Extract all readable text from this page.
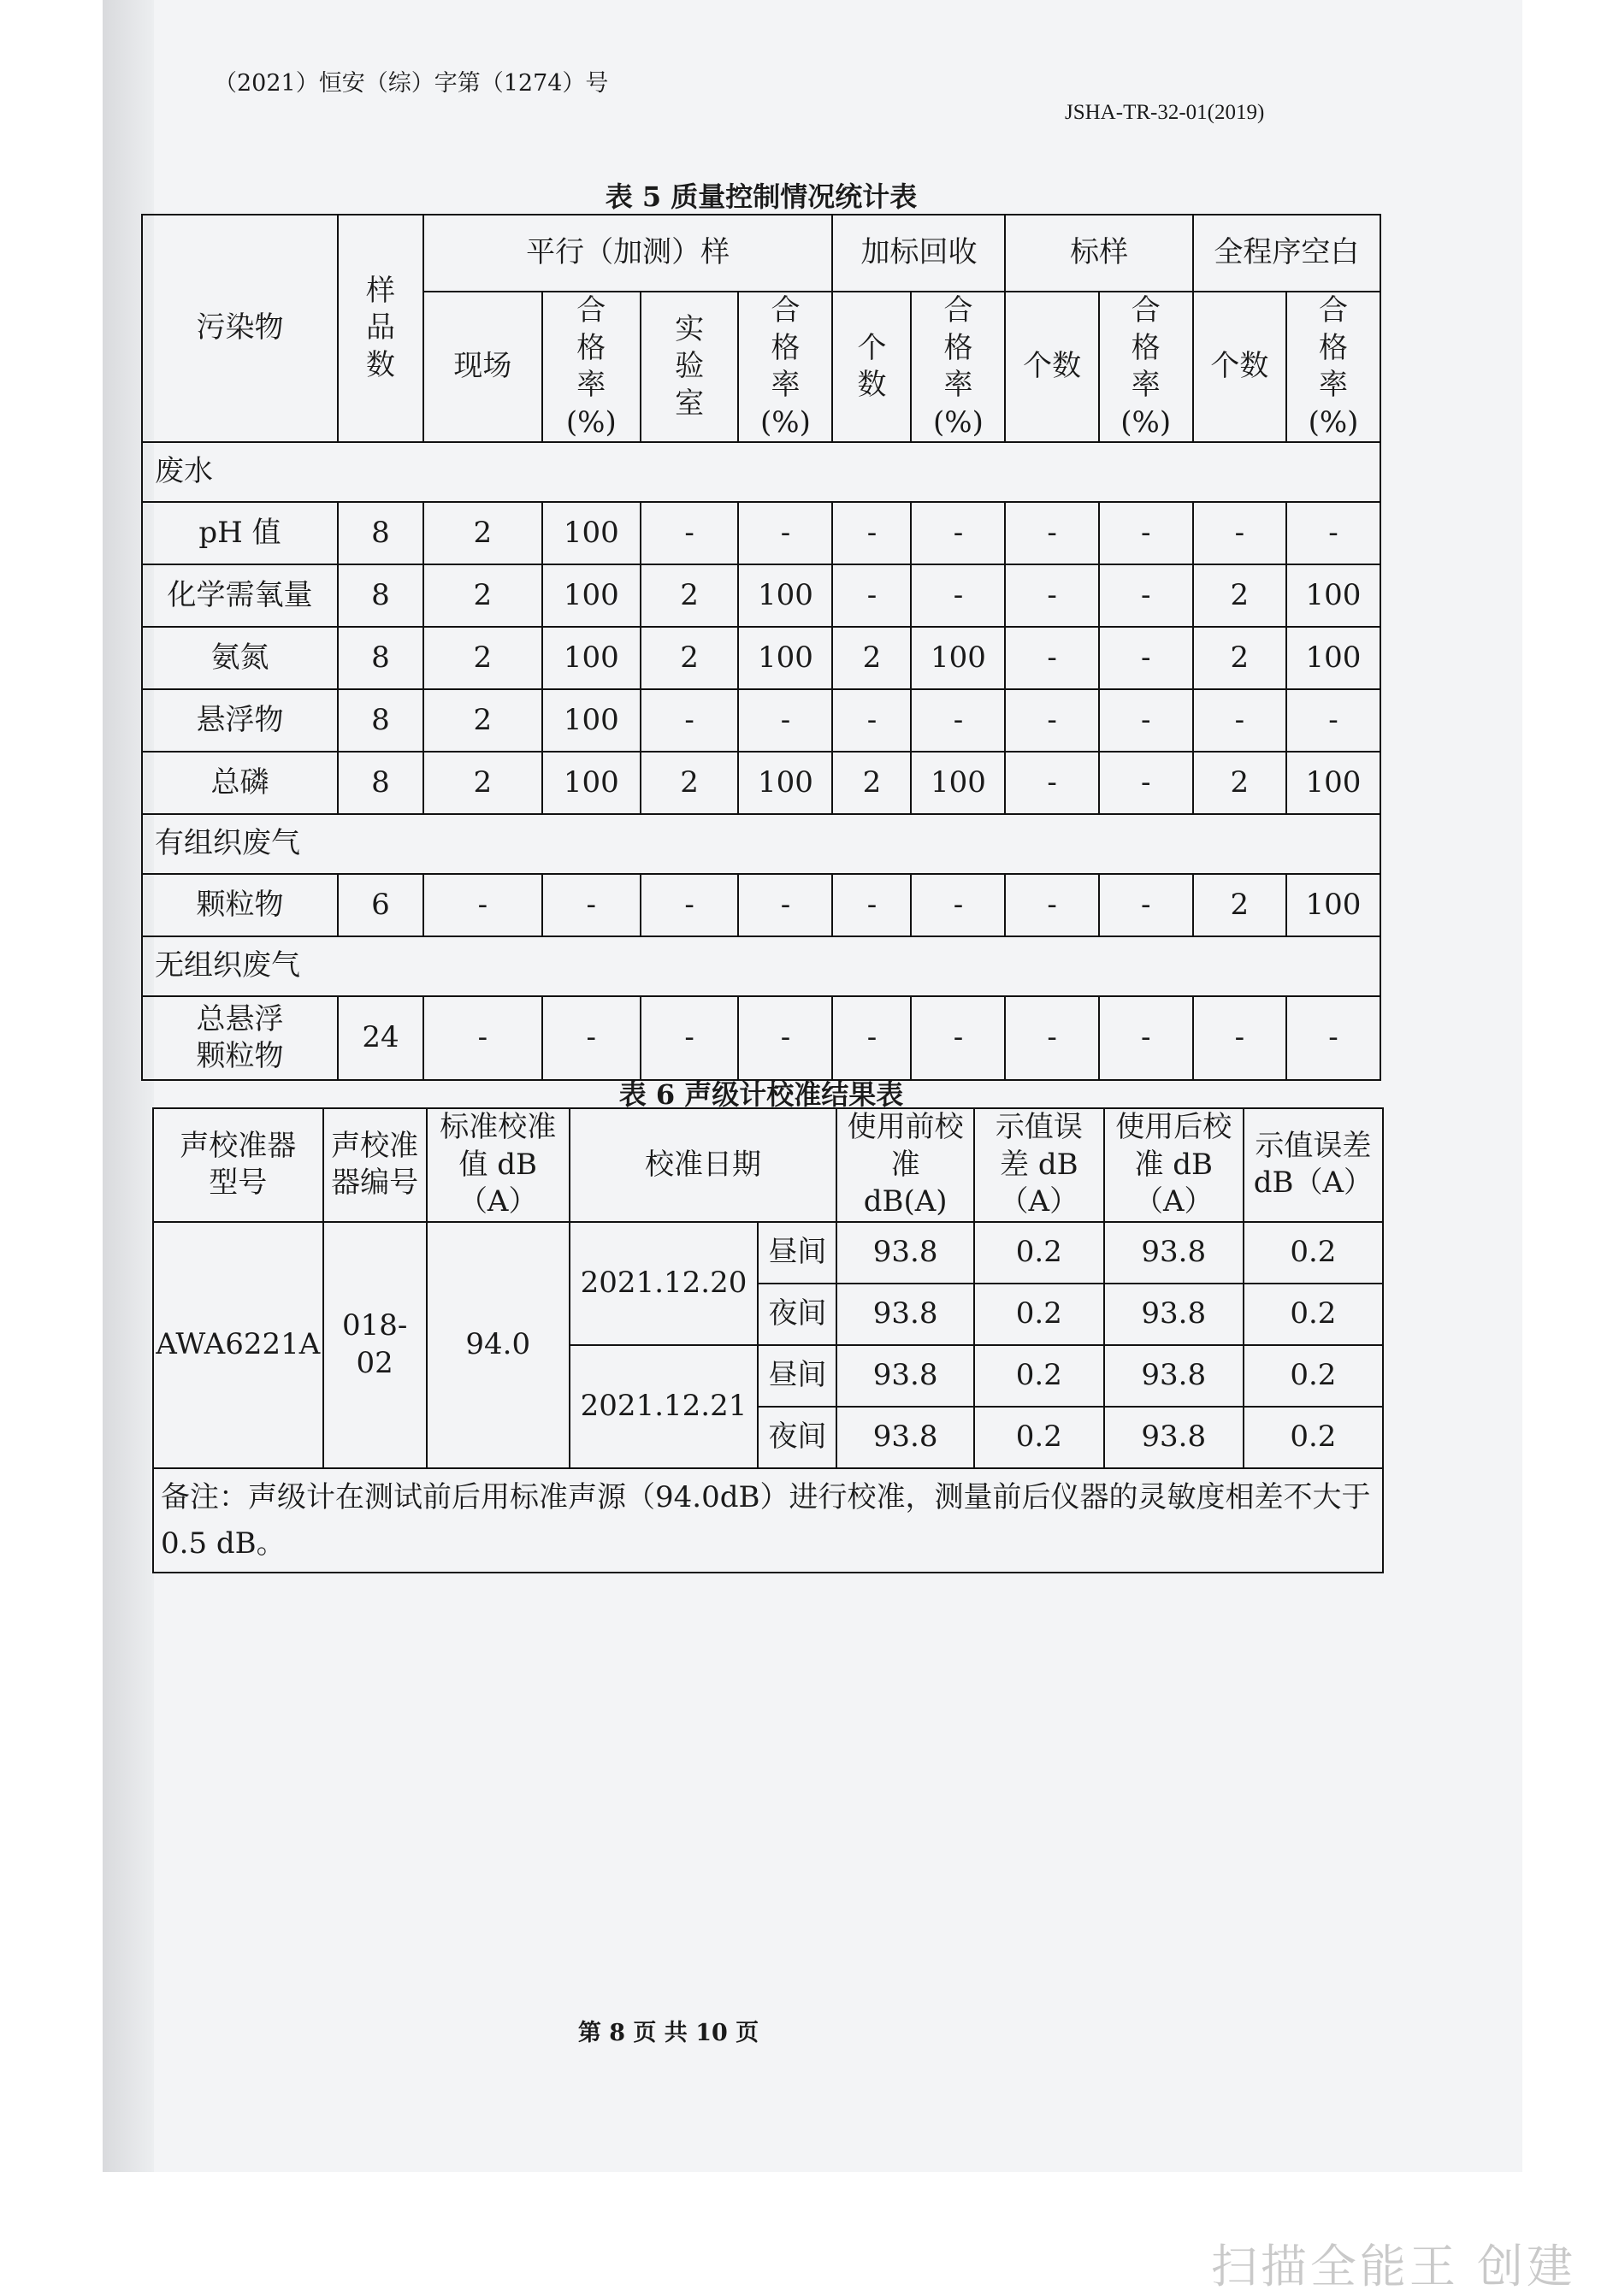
（2021）恒安（综）字第（1274）号
JSHA-TR-32-01(2019)
表 5 质量控制情况统计表
污染物	样品数	平行（加测）样				加标回收		标样		全程序空白	
		现场	合格率(%)	实验室	合格率(%)	个数	合格率(%)	个数	合格率(%)	个数	合格率(%)
废水											
pH 值	8	2	100	-	-	-	-	-	-	-	-
化学需氧量	8	2	100	2	100	-	-	-	-	2	100
氨氮	8	2	100	2	100	2	100	-	-	2	100
悬浮物	8	2	100	-	-	-	-	-	-	-	-
总磷	8	2	100	2	100	2	100	-	-	2	100
有组织废气											
颗粒物	6	-	-	-	-	-	-	-	-	2	100
无组织废气											
总悬浮颗粒物	24	-	-	-	-	-	-	-	-	-	-
表 6 声级计校准结果表
声校准器型号	声校准器编号	标准校准值 dB（A）	校准日期		使用前校准 dB(A)	示值误差 dB（A）	使用后校准 dB（A）	示值误差 dB（A）
AWA6221A	018-02	94.0	2021.12.20	昼间	93.8	0.2	93.8	0.2
				夜间	93.8	0.2	93.8	0.2
			2021.12.21	昼间	93.8	0.2	93.8	0.2
				夜间	93.8	0.2	93.8	0.2
备注：声级计在测试前后用标准声源（94.0dB）进行校准，测量前后仪器的灵敏度相差不大于 0.5 dB。								
第 8 页 共 10 页
扫描全能王 创建
